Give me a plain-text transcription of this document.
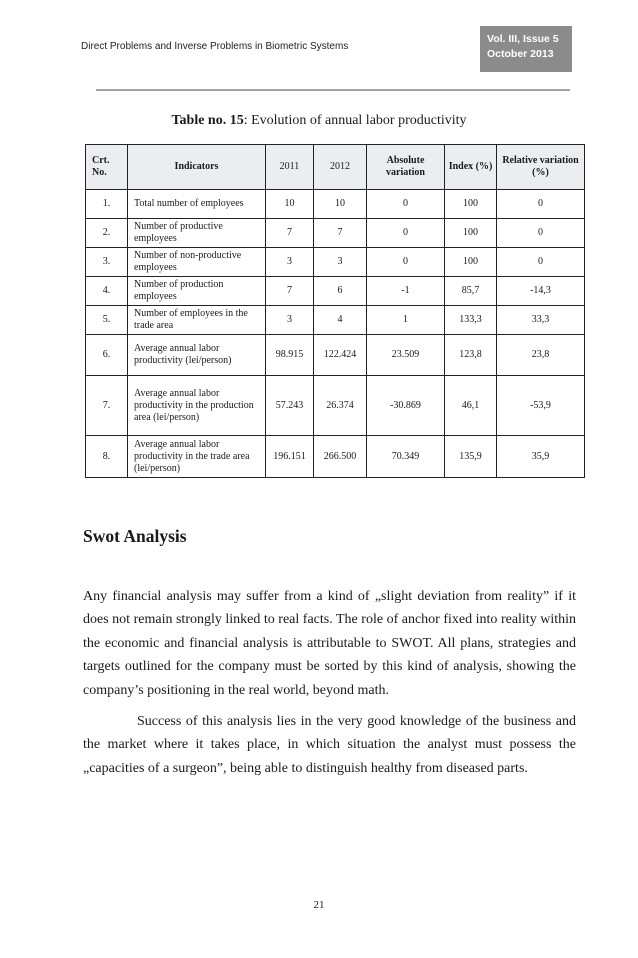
Direct Problems and Inverse Problems in Biometric Systems
Vol. III, Issue 5
October 2013
Table no. 15: Evolution of annual labor productivity
Crt. No.	Indicators	2011	2012	Absolute variation	Index (%)	Relative variation (%)
1.	Total number of employees	10	10	0	100	0
2.	Number of productive employees	7	7	0	100	0
3.	Number of non-productive employees	3	3	0	100	0
4.	Number of production employees	7	6	-1	85,7	-14,3
5.	Number of employees in the trade area	3	4	1	133,3	33,3
6.	Average annual labor productivity (lei/person)	98.915	122.424	23.509	123,8	23,8
7.	Average annual labor productivity in the production area (lei/person)	57.243	26.374	-30.869	46,1	-53,9
8.	Average annual labor productivity in the trade area (lei/person)	196.151	266.500	70.349	135,9	35,9
Swot Analysis

Any financial analysis may suffer from a kind of „slight deviation from reality” if it does not remain strongly linked to real facts. The role of anchor fixed into reality within the economic and financial analysis is attributable to SWOT. All plans, strategies and targets outlined for the company must be sorted by this kind of analysis, showing the company’s positioning in the real world, beyond math.

Success of this analysis lies in the very good knowledge of the business and the market where it takes place, in which situation the analyst must possess the „capacities of a surgeon”, being able to distinguish healthy from diseased parts.

21
